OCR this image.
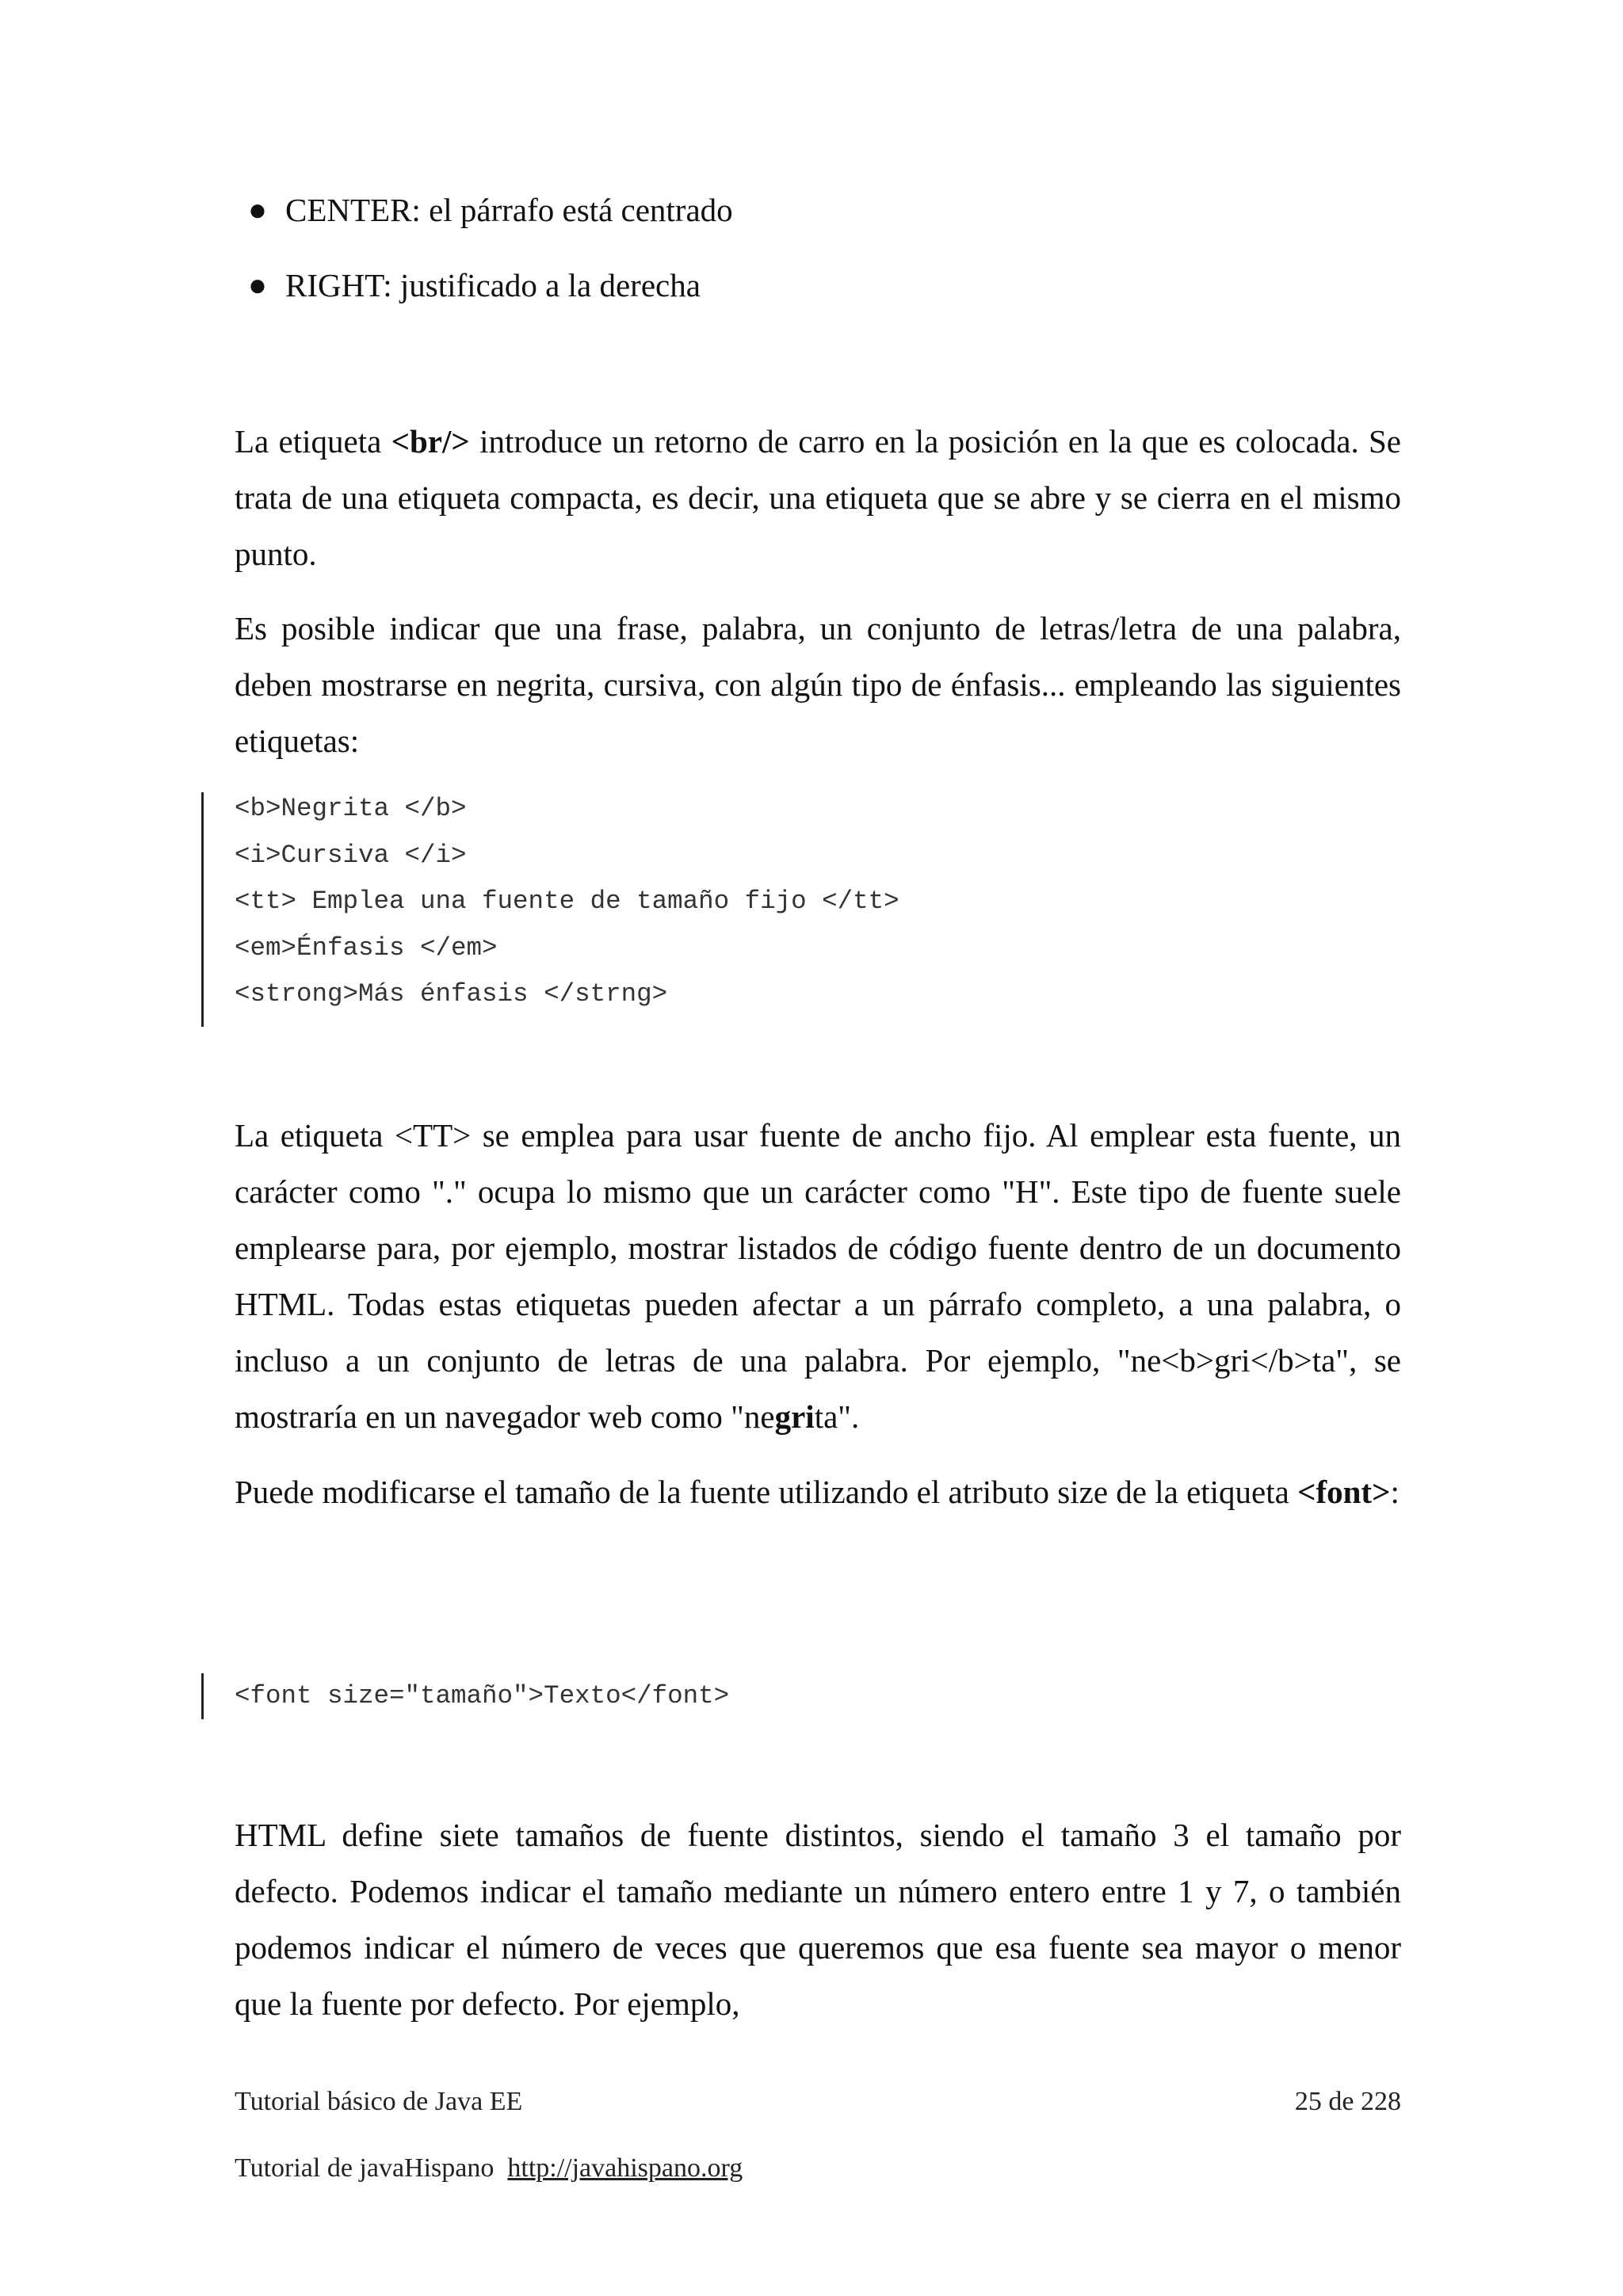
● CENTER: el párrafo está centrado
● RIGHT: justificado a la derecha

La etiqueta <br/> introduce un retorno de carro en la posición en la que es colocada. Se trata de una etiqueta compacta, es decir, una etiqueta que se abre y se cierra en el mismo punto.

Es posible indicar que una frase, palabra, un conjunto de letras/letra de una palabra, deben mostrarse en negrita, cursiva, con algún tipo de énfasis... empleando las siguientes etiquetas:

<b>Negrita </b>
<i>Cursiva </i>
<tt> Emplea una fuente de tamaño fijo </tt>
<em>Énfasis </em>
<strong>Más énfasis </strng>

La etiqueta <TT> se emplea para usar fuente de ancho fijo. Al emplear esta fuente, un carácter como "." ocupa lo mismo que un carácter como "H". Este tipo de fuente suele emplearse para, por ejemplo, mostrar listados de código fuente dentro de un documento HTML. Todas estas etiquetas pueden afectar a un párrafo completo, a una palabra, o incluso a un conjunto de letras de una palabra. Por ejemplo, "ne<b>gri</b>ta", se mostraría en un navegador web como "negrita".

Puede modificarse el tamaño de la fuente utilizando el atributo size de la etiqueta <font>:

<font size="tamaño">Texto</font>

HTML define siete tamaños de fuente distintos, siendo el tamaño 3 el tamaño por defecto. Podemos indicar el tamaño mediante un número entero entre 1 y 7, o también podemos indicar el número de veces que queremos que esa fuente sea mayor o menor que la fuente por defecto. Por ejemplo,

Tutorial básico de Java EE	25 de 228
Tutorial de javaHispano http://javahispano.org
